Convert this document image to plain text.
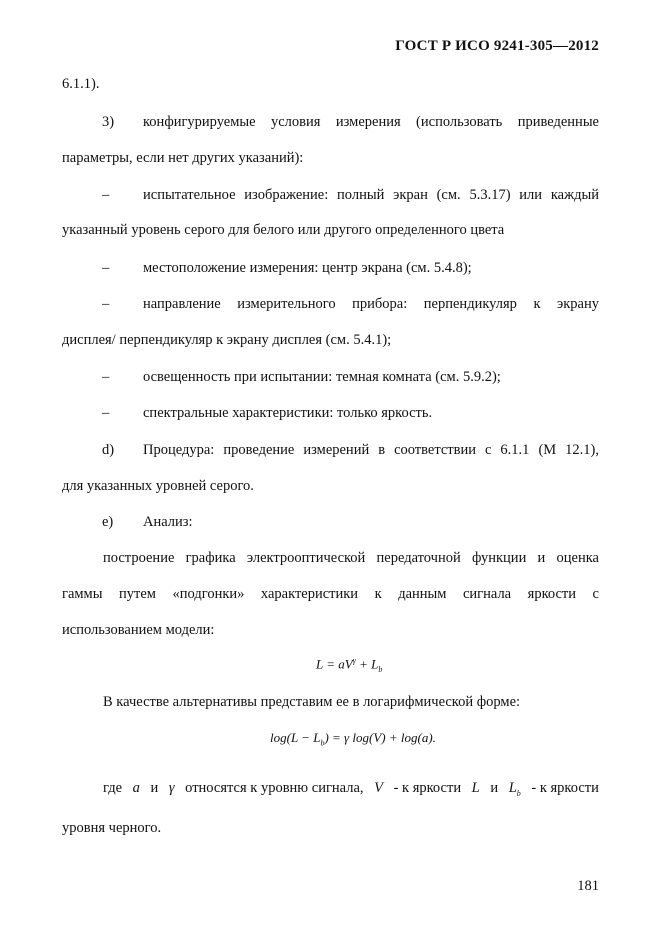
ГОСТ Р ИСО 9241-305—2012
6.1.1).
3) конфигурируемые условия измерения (использовать приведенные
параметры, если нет других указаний):
– испытательное изображение: полный экран (см. 5.3.17) или каждый
указанный уровень серого для белого или другого определенного цвета
– местоположение измерения: центр экрана (см. 5.4.8);
– направление измерительного прибора: перпендикуляр к экрану
дисплея/ перпендикуляр к экрану дисплея (см. 5.4.1);
– освещенность при испытании: темная комната (см. 5.9.2);
– спектральные характеристики: только яркость.
d) Процедура: проведение измерений в соответствии с 6.1.1 (М 12.1),
для указанных уровней серого.
e) Анализ:
построение графика электрооптической передаточной функции и оценка
гаммы путем «подгонки» характеристики к данным сигнала яркости с
использованием модели:
$L = aV^\gamma + L_b$
В качестве альтернативы представим ее в логарифмической форме:
$\log(L - L_b) = \gamma$ log(V) + log(a).
где a и γ относятся к уровню сигнала, V - к яркости L и $L_b$ - к яркости
уровня черного.
181
